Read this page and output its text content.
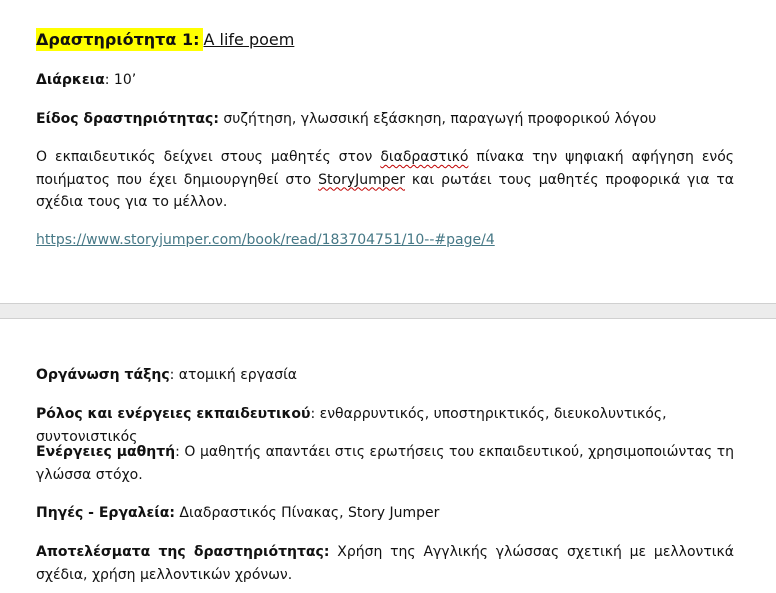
Δραστηριότητα 1: A life poem

Διάρκεια: 10’

Είδος δραστηριότητας: συζήτηση, γλωσσική εξάσκηση, παραγωγή προφορικού λόγου

Ο εκπαιδευτικός δείχνει στους μαθητές στον διαδραστικό πίνακα την ψηφιακή αφήγηση ενός ποιήματος που έχει δημιουργηθεί στο StoryJumper και ρωτάει τους μαθητές προφορικά για τα σχέδια τους για το μέλλον.

https://www.storyjumper.com/book/read/183704751/10--#page/4

Οργάνωση τάξης: ατομική εργασία

Ρόλος και ενέργειες εκπαιδευτικού: ενθαρρυντικός, υποστηρικτικός, διευκολυντικός, συντονιστικός

Ενέργειες μαθητή: Ο μαθητής απαντάει στις ερωτήσεις του εκπαιδευτικού, χρησιμοποιώντας τη γλώσσα στόχο.

Πηγές - Εργαλεία: Διαδραστικός Πίνακας, Story Jumper

Αποτελέσματα της δραστηριότητας: Χρήση της Αγγλικής γλώσσας σχετική με μελλοντικά σχέδια, χρήση μελλοντικών χρόνων.
